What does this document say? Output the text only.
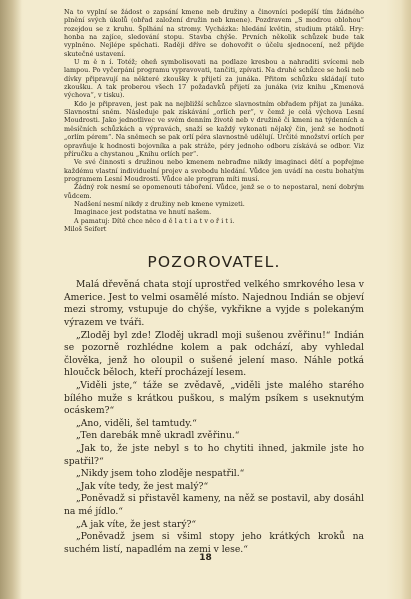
Na to vyplní se žádost o zapsání kmene neb družiny a činovníci podepíší tím žádného plnění svých úkolů (obřad založení družin neb kmene). Pozdravem „S modrou oblohou“ rozejdou se z kruhu. Šplhání na stromy. Vycházka: hledání květin, studium ptáků. Hry: honba na zajíce, sledování stopu. Stavba chýše. Prvních několik schůzek bude tak vyplněno. Nejlépe spěchati. Raději dříve se dohovořit o účelu sjednocení, než přijde skutečné ustavení.

U m ě n í. Totéž; oheň symbolisovati na podlaze kresbou a nahraditi svícemi neb lampou. Po vyčerpání programu vypravovati, tančiti, zpívati. Na druhé schůzce se hoši neb dívky připravují na některé zkoušky k přijetí za junáka. Přitom schůzku skládají tuto zkoušku. A tak proberou všech 17 požadavků přijetí za junáka (viz knihu „Kmenová výchova“, v tisku).

Kdo je připraven, jest pak na nejbližší schůzce slavnostním obřadem přijat za junáka. Slavnostní sněm. Následuje pak získávání „orlích per“, v čemž je celá výchova Lesní Moudrosti. Jako jednotlivec ve svém denním životě neb v družině či kmeni na týdenních a měsíčních schůzkách a výpravách, snaží se každý vykonati nějaký čin, jenž se hodnotí „orlím pérem“. Na sněmech se pak orlí péra slavnostně udělují. Určité množství orlích per opravňuje k hodnosti bojovníka a pak stráže, péry jednoho odboru získává se odbor. Viz příručku a chystanou „Knihu orlích per“.

Ve své činnosti s družinou nebo kmenem nebraďme nikdy imaginaci dětí a popřejme každému vlastní individuelní projev a svobodu hledání. Vůdce jen uvádí na cestu bohatým programem Lesní Moudrosti. Vůdce ale program míti musí.

Žádný rok nesmí se opomenouti táboření. Vůdce, jenž se o to nepostaral, není dobrým vůdcem.

Nadšení nesmí nikdy z družiny neb kmene vymizeti.

Imaginace jest podstatna ve hnutí našem.

A pamatuj: Dítě chce něco d ě l a t i a t v o ř i t i.

Miloš Seifert

POZOROVATEL.

Malá dřevěná chata stojí uprostřed velkého smrkového lesa v Americe. Jest to velmi osamělé místo. Najednou Indián se objeví mezi stromy, vstupuje do chýše, vykřikne a vyjde s polekaným výrazem ve tváři.

„Zloděj byl zde! Zloděj ukradl moji sušenou zvěřinu!“ Indián se pozorně rozhlédne kolem a pak odchází, aby vyhledal člověka, jenž ho oloupil o sušené jelení maso. Náhle potká hloučck běloch, kteří procházejí lesem.

„Viděli jste,“ táže se zvědavě, „viděli jste malého starého bílého muže s krátkou puškou, s malým psíkem s useknutým ocáskem?“

„Ano, viděli, šel tamtudy.“

„Ten darebák mně ukradl zvěřinu.“

„Jak to, že jste nebyl s to ho chytiti ihned, jakmile jste ho spatřil?“

„Nikdy jsem toho zloděje nespatřil.“

„Jak víte tedy, že jest malý?“

„Poněvadž si přistavěl kameny, na něž se postavil, aby dosáhl na mé jídlo.“

„A jak víte, že jest starý?“

„Poněvadž jsem si všiml stopy jeho krátkých kroků na suchém listí, napadlém na zemi v lese.“

18
